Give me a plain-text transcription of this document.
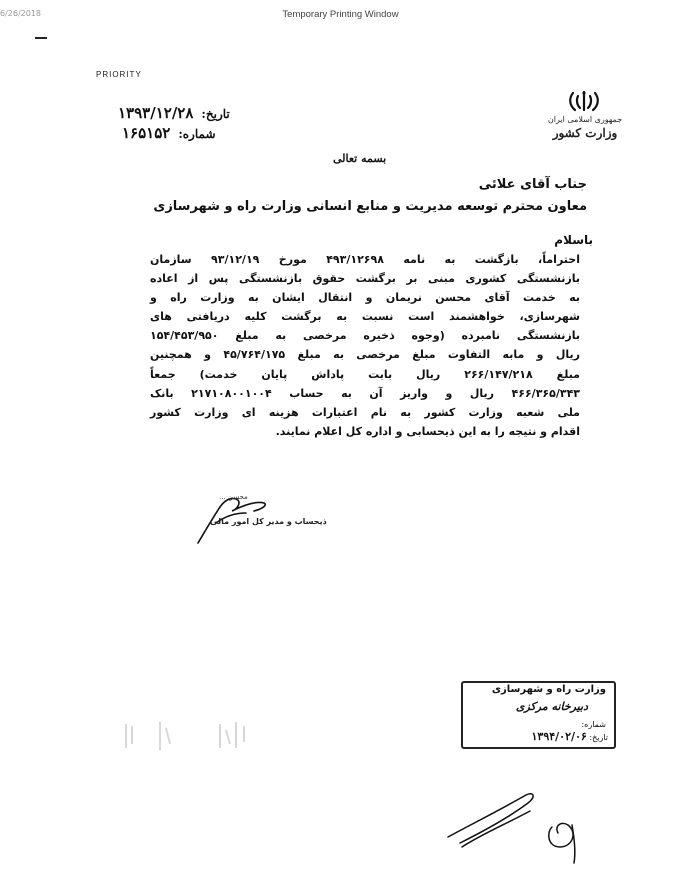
6/26/2018	Temporary Printing Window
PRIORITY
جمهوری اسلامی ایران
وزارت کشور
تاریخ:
۱۳۹۳/۱۲/۲۸
شماره:
۱۶۵۱۵۲
بسمه تعالی
جناب آقای علائی
معاون محترم توسعه مدیریت و منابع انسانی وزارت راه و شهرسازی
باسلام

احتراماً، بازگشت به نامه ۴۹۳/۱۲۶۹۸ مورخ ۹۳/۱۲/۱۹ سازمان

بازنشستگی کشوری مبنی بر برگشت حقوق بازنشستگی پس از اعاده

به خدمت آقای محسن نریمان و انتقال ایشان به وزارت راه و

شهرسازی، خواهشمند است نسبت به برگشت کلیه دریافتی های

بازنشستگی نامبرده (وجوه ذخیره مرخصی به مبلغ ۱۵۴/۴۵۳/۹۵۰

ریال و مابه التفاوت مبلغ مرخصی به مبلغ ۴۵/۷۶۴/۱۷۵ و همچنین

مبلغ ۲۶۶/۱۴۷/۲۱۸ ریال بابت پاداش پایان خدمت) جمعاً

۴۶۶/۳۶۵/۳۴۳ ریال و واریز آن به حساب ۲۱۷۱۰۸۰۰۱۰۰۴ بانک

ملی شعبه وزارت کشور به نام اعتبارات هزینه ای وزارت کشور

اقدام و نتیجه را به این ذیحسابی و اداره کل اعلام نمایند.

محسن ...
ذیحساب و مدیر کل امور مالی
وزارت راه و شهرسازی
دبیرخانه مرکزی
شماره:
تاریخ: ۱۳۹۴/۰۲/۰۶
